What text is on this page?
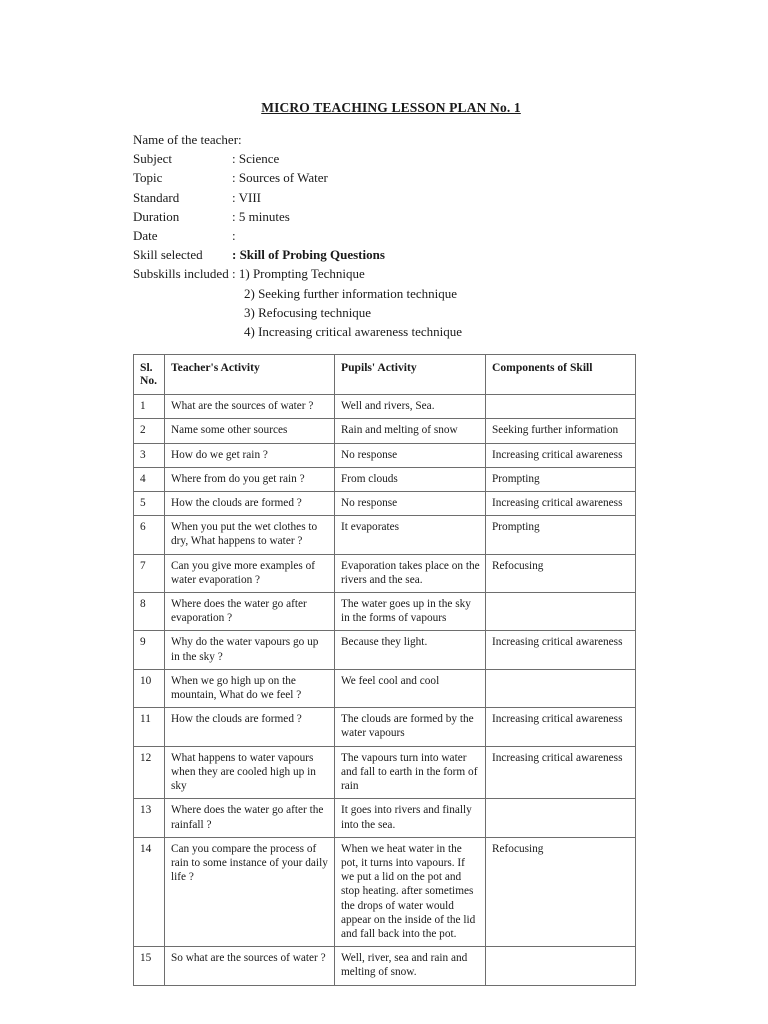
MICRO TEACHING LESSON PLAN No. 1
Name of the teacher:
Subject	: Science
Topic	: Sources of Water
Standard	: VIII
Duration	: 5 minutes
Date	:
Skill selected	: Skill of Probing Questions
Subskills included : 1) Prompting Technique
2) Seeking further information technique
3) Refocusing technique
4) Increasing critical awareness technique
Sl.
No.	Teacher's Activity	Pupils' Activity	Components of Skill
1	What are the sources of water ?	Well and rivers, Sea.	
2	Name some other sources	Rain and melting of snow	Seeking further information
3	How do we get rain ?	No response	Increasing critical awareness
4	Where from do you get rain ?	From clouds	Prompting
5	How the clouds are formed ?	No response	Increasing critical awareness
6	When you put the wet clothes to dry, What happens to water ?	It evaporates	Prompting
7	Can you give more examples of water evaporation ?	Evaporation takes place on the rivers and the sea.	Refocusing
8	Where does the water go after evaporation ?	The water goes up in the sky in the forms of vapours	
9	Why do the water vapours go up in the sky ?	Because they light.	Increasing critical awareness
10	When we go high up on the mountain, What do we feel ?	We feel cool and cool	
11	How the clouds are formed ?	The clouds are formed by the water vapours	Increasing critical awareness
12	What happens to water vapours when they are cooled high up in sky	The vapours turn into water and fall to earth in the form of rain	Increasing critical awareness
13	Where does the water go after the rainfall ?	It goes into rivers and finally into the sea.	
14	Can you compare the process of rain to some instance of your daily life ?	When we heat water in the pot, it turns into vapours. If we put a lid on the pot and stop heating. after sometimes the drops of water would appear on the inside of the lid and fall back into the pot.	Refocusing
15	So what are the sources of water ?	Well, river, sea and rain and melting of snow.	
